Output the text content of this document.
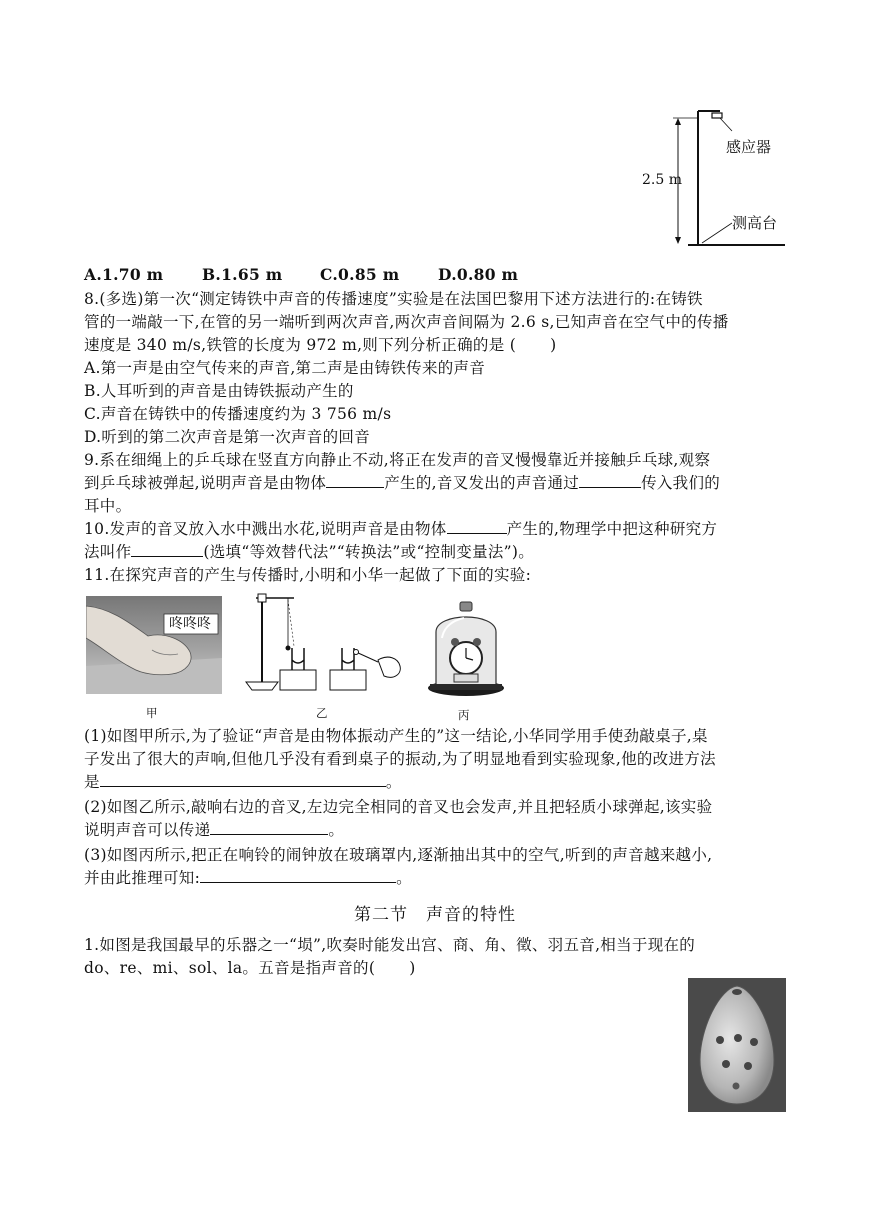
感应器
2.5 m
测高台
A.1.70 m B.1.65 m C.0.85 m D.0.80 m
8.(多选)第一次“测定铸铁中声音的传播速度”实验是在法国巴黎用下述方法进行的:在铸铁
管的一端敲一下,在管的另一端听到两次声音,两次声音间隔为 2.6 s,已知声音在空气中的传播
速度是 340 m/s,铁管的长度为 972 m,则下列分析正确的是 ( )
A.第一声是由空气传来的声音,第二声是由铸铁传来的声音
B.人耳听到的声音是由铸铁振动产生的
C.声音在铸铁中的传播速度约为 3 756 m/s
D.听到的第二次声音是第一次声音的回音
9.系在细绳上的乒乓球在竖直方向静止不动,将正在发声的音叉慢慢靠近并接触乒乓球,观察
到乒乓球被弹起,说明声音是由物体	产生的,音叉发出的声音通过	传入我们的
耳中。
10.发声的音叉放入水中溅出水花,说明声音是由物体	产生的,物理学中把这种研究方
法叫作	(选填“等效替代法”“转换法”或“控制变量法”)。
11.在探究声音的产生与传播时,小明和小华一起做了下面的实验:
咚咚咚
甲	乙	丙
(1)如图甲所示,为了验证“声音是由物体振动产生的”这一结论,小华同学用手使劲敲桌子,桌
子发出了很大的声响,但他几乎没有看到桌子的振动,为了明显地看到实验现象,他的改进方法
是	。
(2)如图乙所示,敲响右边的音叉,左边完全相同的音叉也会发声,并且把轻质小球弹起,该实验
说明声音可以传递	。
(3)如图丙所示,把正在响铃的闹钟放在玻璃罩内,逐渐抽出其中的空气,听到的声音越来越小,
并由此推理可知:	。
第二节　声音的特性
1.如图是我国最早的乐器之一“埙”,吹奏时能发出宫、商、角、徵、羽五音,相当于现在的
do、re、mi、sol、la。五音是指声音的( )
